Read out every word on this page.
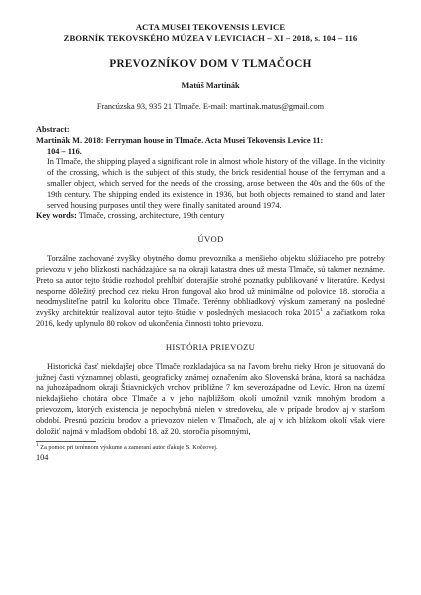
ACTA MUSEI TEKOVENSIS LEVICE
ZBORNÍK TEKOVSKÉHO MÚZEA V LEVICIACH – XI – 2018, s. 104 – 116
PREVOZNÍKOV DOM V TLMAČOCH
Matúš Martinák
Francúzska 93, 935 21 Tlmače. E-mail: martinak.matus@gmail.com
Abstract:
Martinák M. 2018: Ferryman house in Tlmače. Acta Musei Tekovensis Levice 11:
104 – 116.
In Tlmače, the shipping played a significant role in almost whole history of the village. In the vicinity of the crossing, which is the subject of this study, the brick residential house of the ferryman and a smaller object, which served for the needs of the crossing, arose between the 40s and the 60s of the 19th century. The shipping ended its existence in 1936, but both objects remained to stand and later served housing purposes until they were finally sanitated around 1974.
Key words: Tlmače, crossing, architecture, 19th century
ÚVOD

Torzálne zachované zvyšky obytného domu prevozníka a menšieho objektu slúžiaceho pre potreby prievozu v jeho blízkosti nachádzajúce sa na okraji katastra dnes už mesta Tlmače, sú takmer neznáme. Preto sa autor tejto štúdie rozhodol prehĺbiť doterajšie strohé poznatky publikované v literatúre. Kedysi nesporne dôležitý prechod cez rieku Hron fungoval ako brod už minimálne od polovice 18. storočia a neodmysliteľne patril ku koloritu obce Tlmače. Terénny obhliadkový výskum zameraný na posledné zvyšky architektúr realizoval autor tejto štúdie v posledných mesiacoch roka 2015$^1$ a začiatkom roka 2016, kedy uplynulo 80 rokov od ukončenia činnosti tohto prievozu.

HISTÓRIA PRIEVOZU

Historická časť niekdajšej obce Tlmače rozkladajúca sa na ľavom brehu rieky Hron je situovaná do južnej časti významnej oblasti, geograficky známej označením ako Slovenská brána, ktorá sa nachádza na juhozápadnom okraji Štiavnických vrchov približne 7 km severozápadne od Levíc. Hron na území niekdajšieho chotára obce Tlmače a v jeho najbližšom okolí umožnil vznik mnohým brodom a prievozom, ktorých existencia je nepochybná nielen v stredoveku, ale v prípade brodov aj v staršom období. Presnú pozíciu brodov a prievozov nielen v Tlmačoch, ale aj v ich blízkom okolí však viere doložiť najmä v mladšom období 18. až 20. storočia písomnými,

$^1$ Za pomoc pri terénnom výskume a zameraní autor ďakuje S. Kočeovej.
104
